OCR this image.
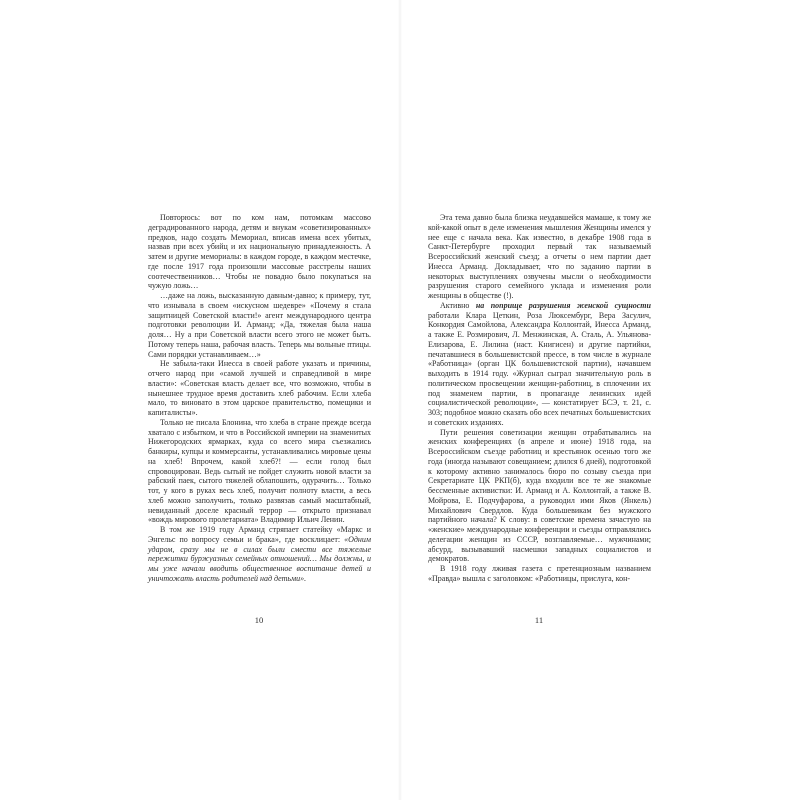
Повторюсь: вот по ком нам, потомкам массово деградированного народа, детям и внукам «советизированных» предков, надо создать Мемориал, вписав имена всех убитых, назвав при всех убийц и их национальную принадлежность. А затем и другие мемориалы: в каждом городе, в каждом местечке, где после 1917 года произошли массовые расстрелы наших соотечественников… Чтобы не повадно было покупаться на чужую ложь…

…даже на ложь, высказанную давным-давно; к примеру, тут, что изнывала в своем «искусном шедевре» «Почему я стала защитницей Советской власти!» агент международного центра подготовки революции И. Арманд; «Да, тяжелая была наша доля… Ну а при Советской власти всего этого не может быть. Потому теперь наша, рабочая власть. Теперь мы вольные птицы. Сами порядки устанавливаем…»

Не забыла-таки Инесса в своей работе указать и причины, отчего народ при «самой лучшей и справедливой в мире власти»: «Советская власть делает все, что возможно, чтобы в нынешнее трудное время доставить хлеб рабочим. Если хлеба мало, то виновато в этом царское правительство, помещики и капиталисты».

Только не писала Блонина, что хлеба в стране прежде всегда хватало с избытком, и что в Российской империи на знаменитых Нижегородских ярмарках, куда со всего мира съезжались банкиры, купцы и коммерсанты, устанавливались мировые цены на хлеб! Впрочем, какой хлеб?! — если голод был спровоцирован. Ведь сытый не пойдет служить новой власти за рабский паек, сытого тяжелей облапошить, одурачить… Только тот, у кого в руках весь хлеб, получит полноту власти, а весь хлеб можно заполучить, только развязав самый масштабный, невиданный доселе красный террор — открыто признавал «вождь мирового пролетариата» Владимир Ильич Ленин.

В том же 1919 году Арманд стряпает статейку «Маркс и Энгельс по вопросу семьи и брака», где восклицает: «Одним ударом, сразу мы не в силах были смести все тяжелые пережитки буржуазных семейных отношений… Мы должны, и мы уже начали вводить общественное воспитание детей и уничтожать власть родителей над детьми».

Эта тема давно была близка неудавшейся мамаше, к тому же кой-какой опыт в деле изменения мышления Женщины имелся у нее еще с начала века. Как известно, в декабре 1908 года в Санкт-Петербурге проходил первый так называемый Всероссийский женский съезд; а отчеты о нем партии дает Инесса Арманд. Докладывает, что по заданию партии в некоторых выступлениях озвучены мысли о необходимости разрушения старого семейного уклада и изменения роли женщины в обществе (!).

Активно на поприще разрушения женской сущности работали Клара Цеткин, Роза Люксембург, Вера Засулич, Конкордия Самойлова, Александра Коллонтай, Инесса Арманд, а также Е. Розмирович, Л. Менжинская, А. Сталь, А. Ульянова-Елизарова, Е. Лилина (наст. Книгисен) и другие партийки, печатавшиеся в большевистской прессе, в том числе в журнале «Работница» (орган ЦК большевистской партии), начавшем выходить в 1914 году. «Журнал сыграл значительную роль в политическом просвещении женщин-работниц, в сплочении их под знаменем партии, в пропаганде ленинских идей социалистической революции», — констатирует БСЭ, т. 21, с. 303; подобное можно сказать обо всех печатных большевистских и советских изданиях.

Пути решения советизации женщин отрабатывались на женских конференциях (в апреле и июне) 1918 года, на Всероссийском съезде работниц и крестьянок осенью того же года (иногда называют совещанием; длился 6 дней), подготовкой к которому активно занималось бюро по созыву съезда при Секретариате ЦК РКП(б), куда входили все те же знакомые бессменные активистки: И. Арманд и А. Коллонтай, а также В. Мойрова, Е. Подчуфарова, а руководил ими Яков (Янкель) Михайлович Свердлов. Куда большевикам без мужского партийного начала? К слову: в советские времена зачастую на «женские» международные конференции и съезды отправлялись делегации женщин из СССР, возглавляемые… мужчинами; абсурд, вызывавший насмешки западных социалистов и демократов.

В 1918 году лживая газета с претенциозным названием «Правда» вышла с заголовком: «Работницы, прислуга, кон-

10	11
